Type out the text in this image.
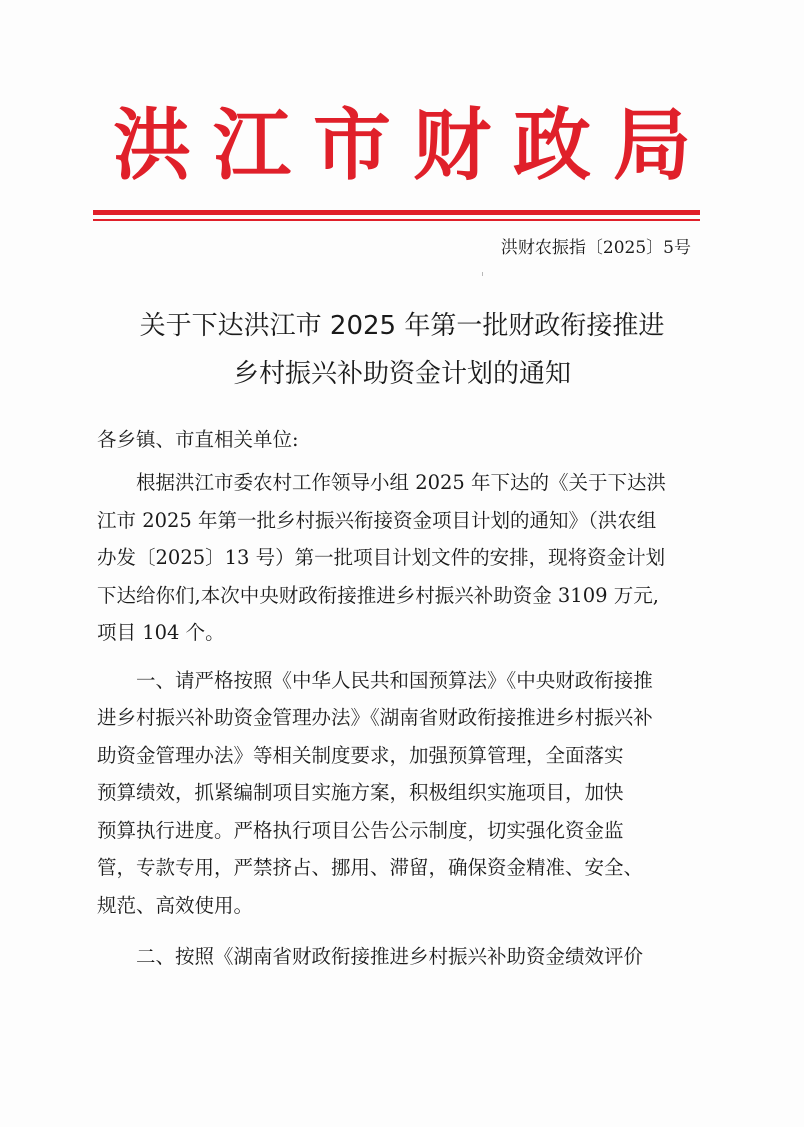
洪江市财政局
洪财农振指〔2025〕5号
关于下达洪江市 2025 年第一批财政衔接推进
乡村振兴补助资金计划的通知
各乡镇、市直相关单位:
根据洪江市委农村工作领导小组 2025 年下达的《关于下达洪
江市 2025 年第一批乡村振兴衔接资金项目计划的通知》（洪农组
办发〔2025〕13 号）第一批项目计划文件的安排，现将资金计划
下达给你们,本次中央财政衔接推进乡村振兴补助资金 3109 万元,
项目 104 个。
一、请严格按照《中华人民共和国预算法》《中央财政衔接推
进乡村振兴补助资金管理办法》《湖南省财政衔接推进乡村振兴补
助资金管理办法》等相关制度要求，加强预算管理，全面落实
预算绩效，抓紧编制项目实施方案，积极组织实施项目，加快
预算执行进度。严格执行项目公告公示制度，切实强化资金监
管，专款专用，严禁挤占、挪用、滞留，确保资金精准、安全、
规范、高效使用。
二、按照《湖南省财政衔接推进乡村振兴补助资金绩效评价
